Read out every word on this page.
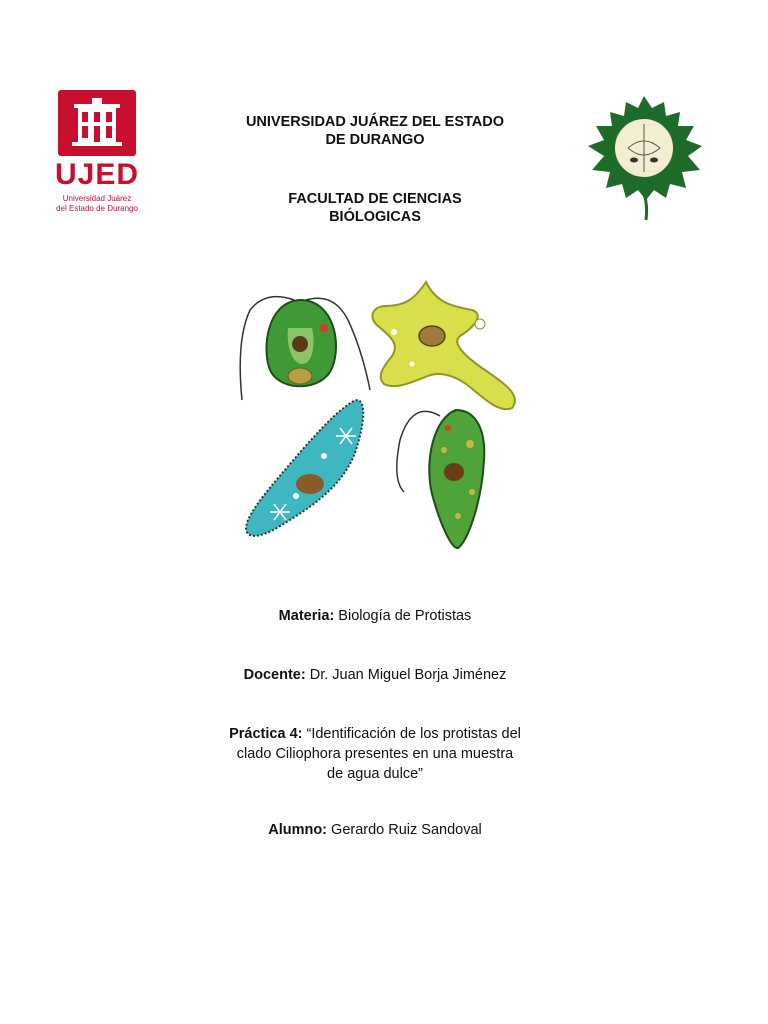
UJED
Universidad Juárez
del Estado de Durango
UNIVERSIDAD JUÁREZ DEL ESTADO
DE DURANGO
FACULTAD DE CIENCIAS
BIÓLOGICAS
Materia: Biología de Protistas
Docente: Dr. Juan Miguel Borja Jiménez
Práctica 4: “Identificación de los protistas del
clado Ciliophora presentes en una muestra
de agua dulce”
Alumno: Gerardo Ruiz Sandoval
